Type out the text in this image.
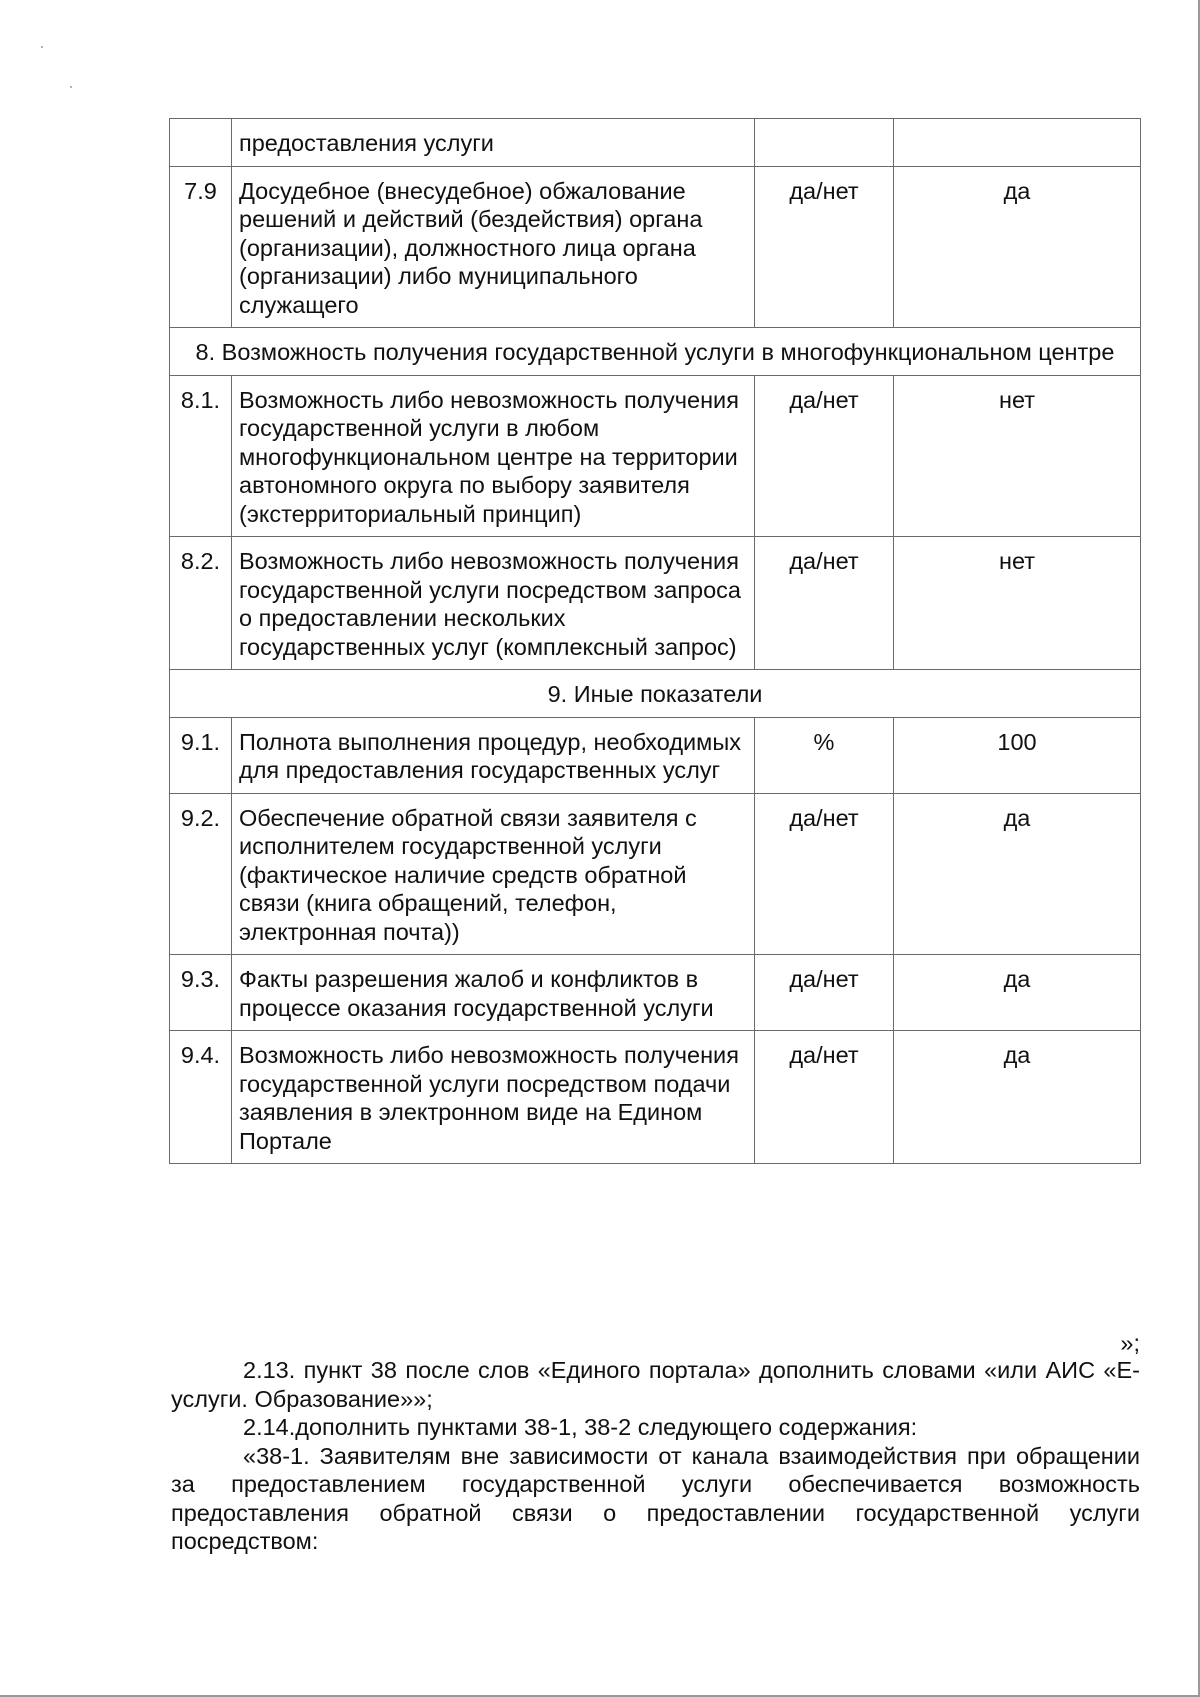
	предоставления услуги		
7.9	Досудебное (внесудебное) обжалование решений и действий (бездействия) органа (организации), должностного лица органа (организации) либо муниципального служащего	да/нет	да
8. Возможность получения государственной услуги в многофункциональном центре			
8.1.	Возможность либо невозможность получения государственной услуги в любом многофункциональном центре на территории автономного округа по выбору заявителя (экстерриториальный принцип)	да/нет	нет
8.2.	Возможность либо невозможность получения государственной услуги посредством запроса о предоставлении нескольких государственных услуг (комплексный запрос)	да/нет	нет
9. Иные показатели			
9.1.	Полнота выполнения процедур, необходимых для предоставления государственных услуг	%	100
9.2.	Обеспечение обратной связи заявителя с исполнителем государственной услуги (фактическое наличие средств обратной связи (книга обращений, телефон, электронная почта))	да/нет	да
9.3.	Факты разрешения жалоб и конфликтов в процессе оказания государственной услуги	да/нет	да
9.4.	Возможность либо невозможность получения государственной услуги посредством подачи заявления в электронном виде на Едином Портале	да/нет	да
»;

2.13. пункт 38 после слов «Единого портала» дополнить словами «или АИС «Е-услуги. Образование»»;

2.14.дополнить пунктами 38-1, 38-2 следующего содержания:

«38-1. Заявителям вне зависимости от канала взаимодействия при обращении за предоставлением государственной услуги обеспечивается возможность предоставления обратной связи о предоставлении государственной услуги посредством:
